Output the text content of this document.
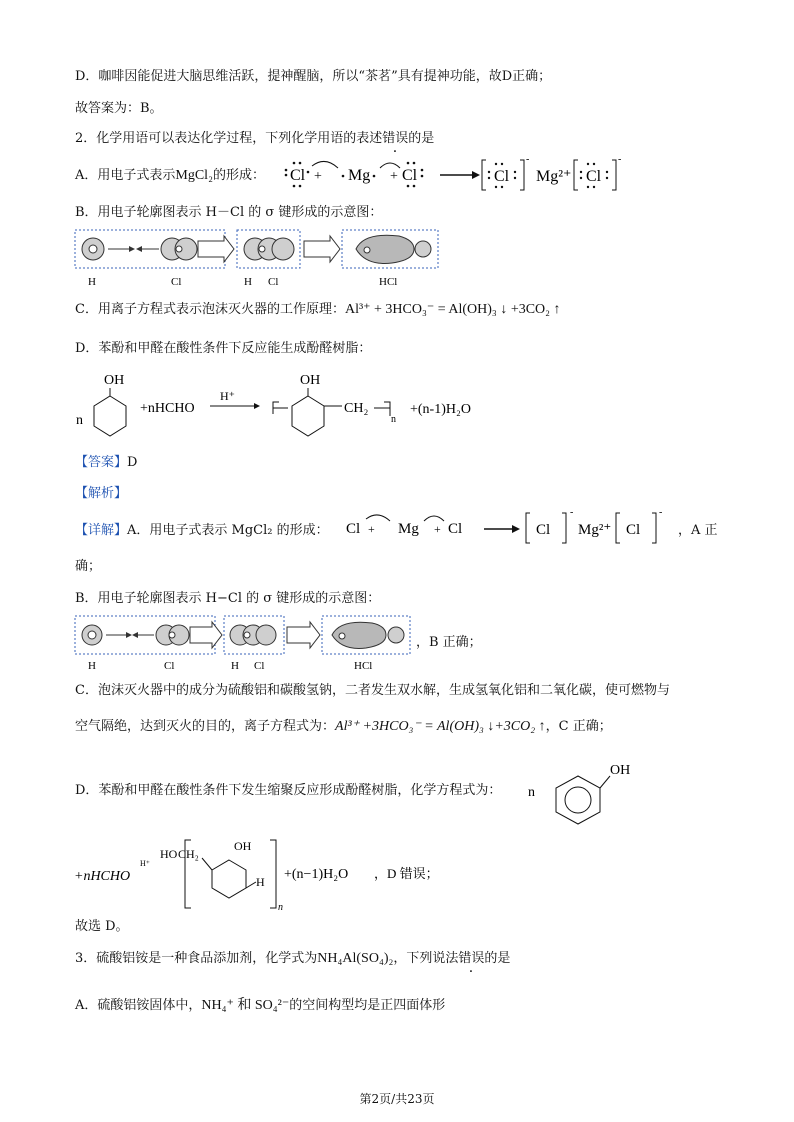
D．咖啡因能促进大脑思维活跃，提神醒脑，所以“茶茗”具有提神功能，故D正确；
故答案为：B。
2．化学用语可以表达化学过程，下列化学用语的表述错误的是
A．用电子式表示MgCl₂的形成： Cl + Mg Cl
+	Cl
-
Mg²⁺ Cl
-
B．用电子轮廓图表示 H－Cl 的 σ 键形成的示意图：
H	Cl	H Cl	HCl
C．用离子方程式表示泡沫灭火器的工作原理：Al³⁺ + 3HCO₃⁻ = Al(OH)₃ ↓ +3CO₂ ↑
D．苯酚和甲醛在酸性条件下反应能生成酚醛树脂：
n
OH
+nHCHO
H⁺
OH
CH₂
n
+(n-1)H₂O
【答案】D
【解析】
【详解】A．用电子式表示 MgCl₂ 的形成： Cl + Mg Cl
+	Cl
-
Mg²⁺ Cl
-
，A 正
确；
B．用电子轮廓图表示 H−Cl 的 σ 键形成的示意图：
H	Cl	H Cl	HCl
，B 正确；
C．泡沫灭火器中的成分为硫酸铝和碳酸氢钠，二者发生双水解，生成氢氧化铝和二氧化碳，使可燃物与
空气隔绝，达到灭火的目的，离子方程式为：Al³⁺ +3HCO₃⁻ = Al(OH)₃ ↓+3CO₂ ↑，C 正确；
D．苯酚和甲醛在酸性条件下发生缩聚反应形成酚醛树脂，化学方程式为： n
OH
+nHCHO
H⁺
HO CH₂
OH
H
n
+(n−1)H₂O ，D 错误；
故选 D。
3．硫酸铝铵是一种食品添加剂，化学式为NH₄Al(SO₄)₂，下列说法错误的是
A．硫酸铝铵固体中，NH₄⁺ 和 SO₄²⁻的空间构型均是正四面体形
第2页/共23页
